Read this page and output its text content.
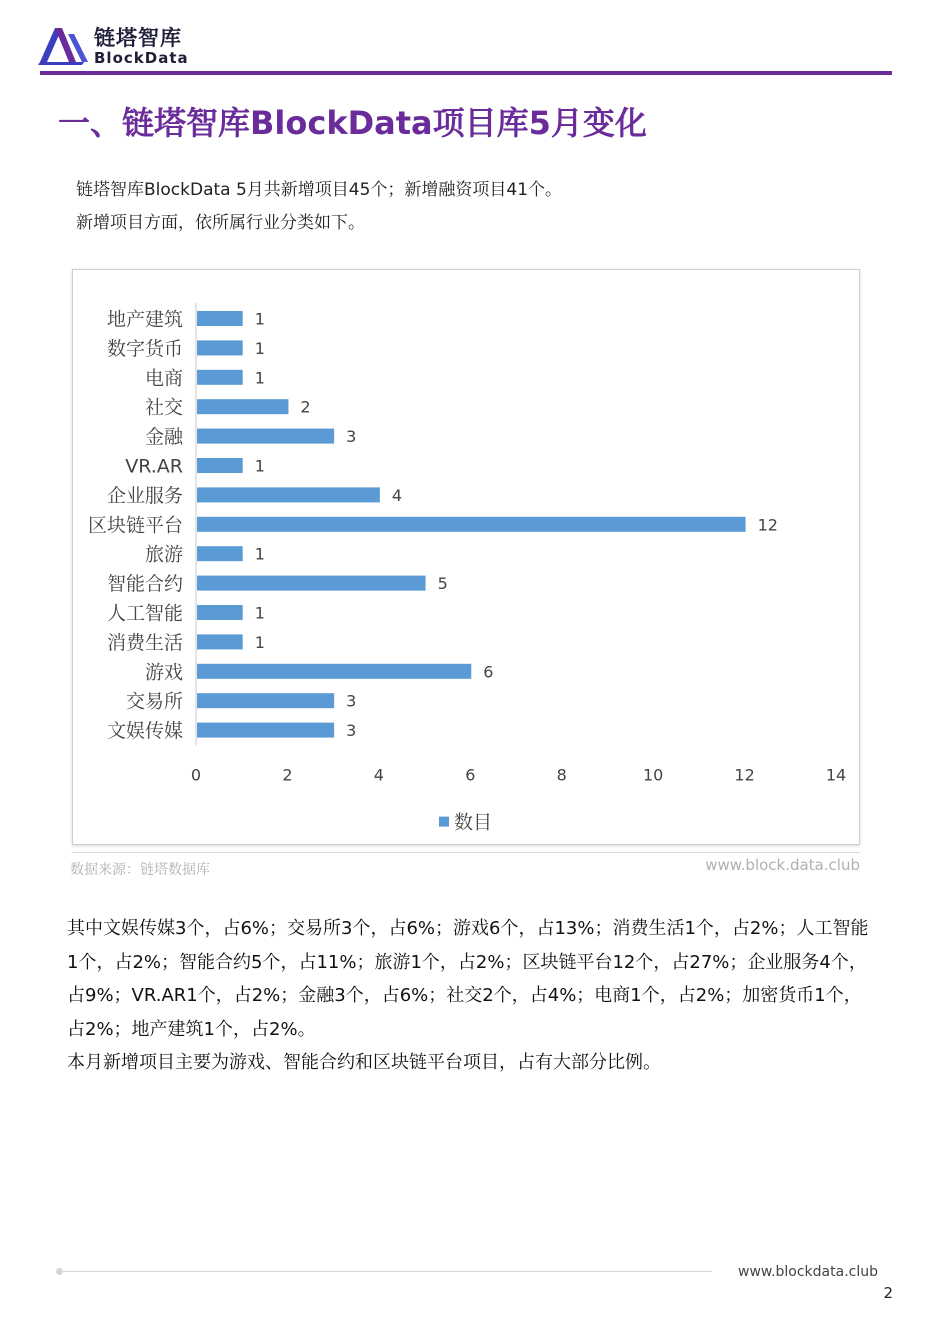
链塔智库
BlockData
一、链塔智库BlockData项目库5月变化
链塔智库BlockData 5月共新增项目45个；新增融资项目41个。
新增项目方面，依所属行业分类如下。
地产建筑	1
数字货币	1
电商	1
社交	2
金融	3
VR.AR	1
企业服务	4
区块链平台	12
旅游	1
智能合约	5
人工智能	1
消费生活	1
游戏	6
交易所	3
文娱传媒	3
0	2	4	6	8	10	12	14
数目
数据来源：链塔数据库	www.block.data.club

其中文娱传媒3个，占6%；交易所3个，占6%；游戏6个，占13%；消费生活1个，占2%；人工智能1个，占2%；智能合约5个，占11%；旅游1个，占2%；区块链平台12个，占27%；企业服务4个，占9%；VR.AR1个，占2%；金融3个，占6%；社交2个，占4%；电商1个，占2%；加密货币1个，占2%；地产建筑1个，占2%。

本月新增项目主要为游戏、智能合约和区块链平台项目，占有大部分比例。

www.blockdata.club
2
